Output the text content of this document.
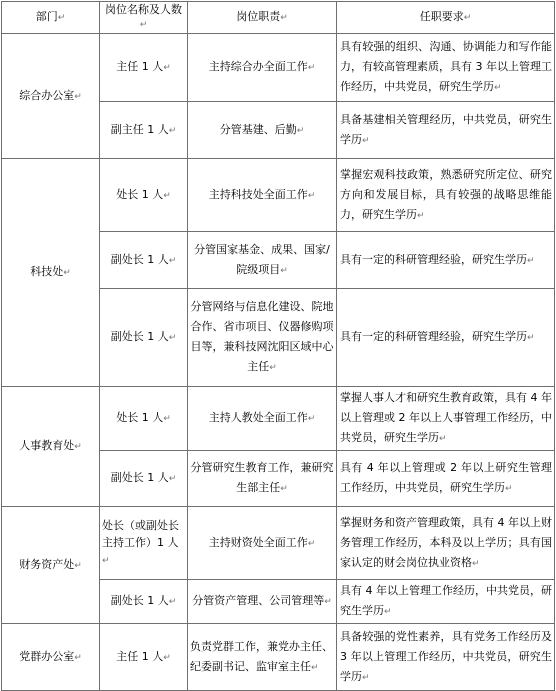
部门↵	岗位名称及人数↵	岗位职责↵	任职要求↵
综合办公室↵	主任 1 人↵	主持综合办全面工作↵	具有较强的组织、沟通、协调能力和写作能力，有较高管理素质，具有 3 年以上管理工作经历，中共党员，研究生学历↵
	副主任 1 人↵	分管基建、后勤↵	具备基建相关管理经历，中共党员，研究生学历↵
科技处↵	处长 1 人↵	主持科技处全面工作↵	掌握宏观科技政策，熟悉研究所定位、研究方向和发展目标，具有较强的战略思维能力，研究生学历↵
	副处长 1 人↵	分管国家基金、成果、国家/院级项目↵	具有一定的科研管理经验，研究生学历↵
	副处长 1 人↵	分管网络与信息化建设、院地合作、省市项目、仪器修购项目等，兼科技网沈阳区域中心主任↵	具有一定的科研管理经验，研究生学历↵
人事教育处↵	处长 1 人↵	主持人教处全面工作↵	掌握人事人才和研究生教育政策，具有 4 年以上管理或 2 年以上人事管理工作经历，中共党员，研究生学历↵
	副处长 1 人↵	分管研究生教育工作，兼研究生部主任↵	具有 4 年以上管理或 2 年以上研究生管理工作经历，中共党员，研究生学历↵
财务资产处↵	处长（或副处长主持工作）1 人↵	主持财资处全面工作↵	掌握财务和资产管理政策，具有 4 年以上财务管理工作经历，本科及以上学历；具有国家认定的财会岗位执业资格↵
	副处长 1 人↵	分管资产管理、公司管理等↵	具有 4 年以上管理工作经历，中共党员，研究生学历↵
党群办公室↵	主任 1 人↵	负责党群工作，兼党办主任、纪委副书记、监审室主任↵	具备较强的党性素养，具有党务工作经历及 3 年以上管理工作经历，中共党员，研究生学历↵
